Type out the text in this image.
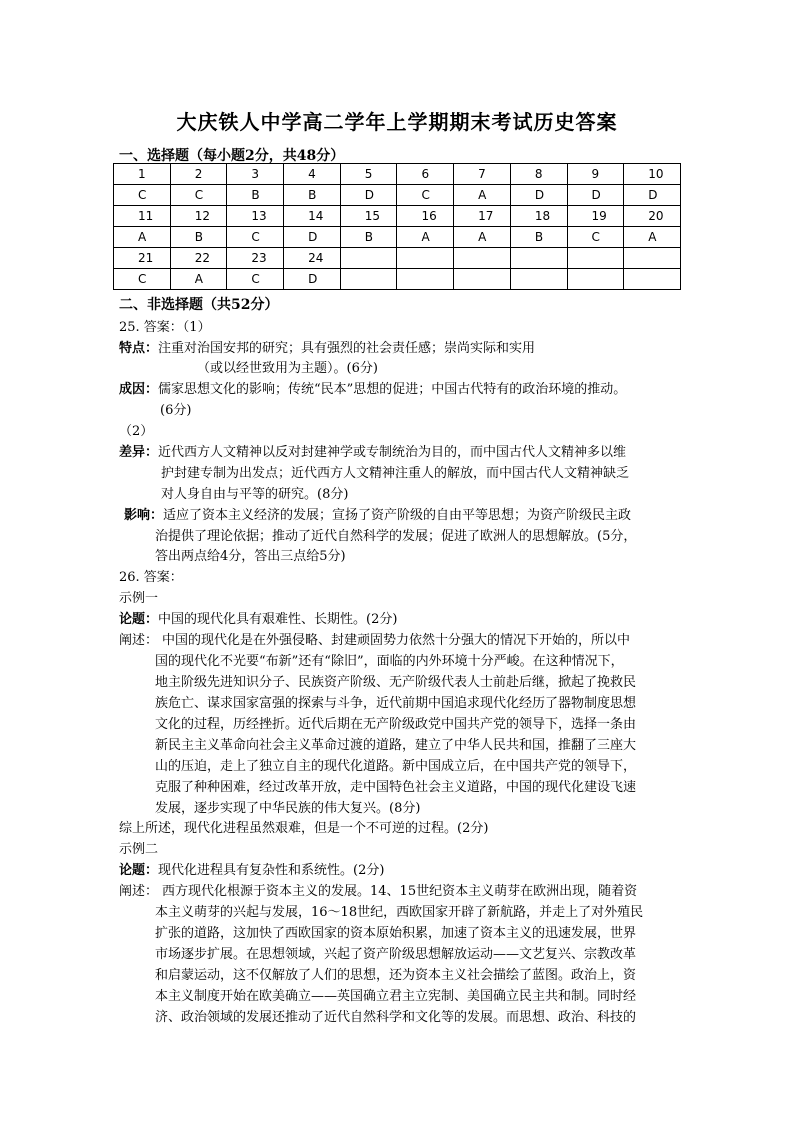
大庆铁人中学高二学年上学期期末考试历史答案
一、选择题（每小题2分，共48分）
1	2	3	4	5	6	7	8	9	10
C	C	B	B	D	C	A	D	D	D
11	12	13	14	15	16	17	18	19	20
A	B	C	D	B	A	A	B	C	A
21	22	23	24						
C	A	C	D						
二、非选择题（共52分）
25. 答案：（1）
特点：注重对治国安邦的研究；具有强烈的社会责任感；崇尚实际和实用
（或以经世致用为主题）。(6分)
成因：儒家思想文化的影响；传统“民本”思想的促进；中国古代特有的政治环境的推动。
(6分)
（2）
差异：近代西方人文精神以反对封建神学或专制统治为目的，而中国古代人文精神多以维
护封建专制为出发点；近代西方人文精神注重人的解放，而中国古代人文精神缺乏
对人身自由与平等的研究。(8分)
影响：适应了资本主义经济的发展；宣扬了资产阶级的自由平等思想；为资产阶级民主政
治提供了理论依据；推动了近代自然科学的发展；促进了欧洲人的思想解放。(5分，
答出两点给4分，答出三点给5分)
26. 答案：
示例一
论题：中国的现代化具有艰难性、长期性。(2分)
阐述： 中国的现代化是在外强侵略、封建顽固势力依然十分强大的情况下开始的，所以中
国的现代化不光要“布新”还有“除旧”，面临的内外环境十分严峻。在这种情况下，
地主阶级先进知识分子、民族资产阶级、无产阶级代表人士前赴后继，掀起了挽救民
族危亡、谋求国家富强的探索与斗争，近代前期中国追求现代化经历了器物制度思想
文化的过程，历经挫折。近代后期在无产阶级政党中国共产党的领导下，选择一条由
新民主主义革命向社会主义革命过渡的道路，建立了中华人民共和国，推翻了三座大
山的压迫，走上了独立自主的现代化道路。新中国成立后，在中国共产党的领导下，
克服了种种困难，经过改革开放，走中国特色社会主义道路，中国的现代化建设飞速
发展，逐步实现了中华民族的伟大复兴。(8分)
综上所述，现代化进程虽然艰难，但是一个不可逆的过程。(2分)
示例二
论题：现代化进程具有复杂性和系统性。(2分)
阐述： 西方现代化根源于资本主义的发展。14、15世纪资本主义萌芽在欧洲出现，随着资
本主义萌芽的兴起与发展，16～18世纪，西欧国家开辟了新航路，并走上了对外殖民
扩张的道路，这加快了西欧国家的资本原始积累，加速了资本主义的迅速发展，世界
市场逐步扩展。在思想领域，兴起了资产阶级思想解放运动——文艺复兴、宗教改革
和启蒙运动，这不仅解放了人们的思想，还为资本主义社会描绘了蓝图。政治上，资
本主义制度开始在欧美确立——英国确立君主立宪制、美国确立民主共和制。同时经
济、政治领域的发展还推动了近代自然科学和文化等的发展。而思想、政治、科技的
